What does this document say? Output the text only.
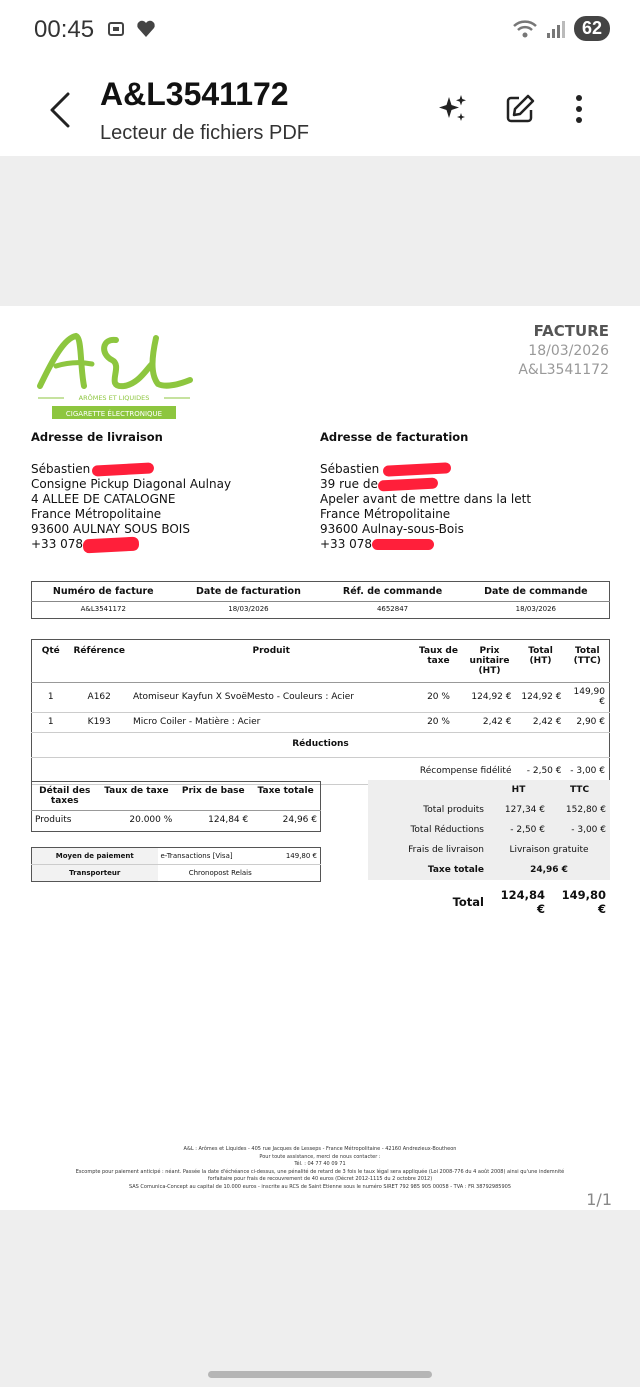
00:45	62
A&L3541172
Lecteur de fichiers PDF
ARÔMES ET LIQUIDES
CIGARETTE ÉLECTRONIQUE
FACTURE
18/03/2026
A&L3541172
Adresse de livraison
Sébastien
Consigne Pickup Diagonal Aulnay
4 ALLEE DE CATALOGNE
France Métropolitaine
93600 AULNAY SOUS BOIS
+33 078
Adresse de facturation
Sébastien
39 rue de
Apeler avant de mettre dans la lett
France Métropolitaine
93600 Aulnay-sous-Bois
+33 078
Numéro de facture	Date de facturation	Réf. de commande	Date de commande
A&L3541172	18/03/2026	4652847	18/03/2026
Qté	Référence	Produit	Taux de taxe	Prix unitaire (HT)	Total (HT)	Total (TTC)
1	A162	Atomiseur Kayfun X SvoëMesto - Couleurs : Acier	20 %	124,92 €	124,92 €	149,90 €
1	K193	Micro Coiler - Matière : Acier	20 %	2,42 €	2,42 €	2,90 €
Réductions						
Récompense fidélité					- 2,50 €	- 3,00 €
Détail des taxes	Taux de taxe	Prix de base	Taxe totale
Produits	20.000 %	124,84 €	24,96 €
Moyen de paiement	e-Transactions [Visa]	149,80 €
Transporteur	Chronopost Relais	
	HT	TTC
Total produits	127,34 €	152,80 €
Total Réductions	- 2,50 €	- 3,00 €
Frais de livraison	Livraison gratuite	
Taxe totale	24,96 €	
Total	124,84 €	149,80 €
A&L : Arômes et Liquides - 405 rue Jacques de Lesseps - France Métropolitaine - 42160 Andrezieux-Boutheon
Pour toute assistance, merci de nous contacter :
Tél. : 04 77 40 09 71
Escompte pour paiement anticipé : néant. Passée la date d'échéance ci-dessus, une pénalité de retard de 3 fois le taux légal sera appliquée (Loi 2008-776 du 4 août 2008) ainsi qu'une indemnité
forfaitaire pour frais de recouvrement de 40 euros (Décret 2012-1115 du 2 octobre 2012)
SAS Comunica-Concept au capital de 10.000 euros - inscrite au RCS de Saint Etienne sous le numéro SIRET 792 985 905 00058 - TVA : FR 38792985905
1/1
